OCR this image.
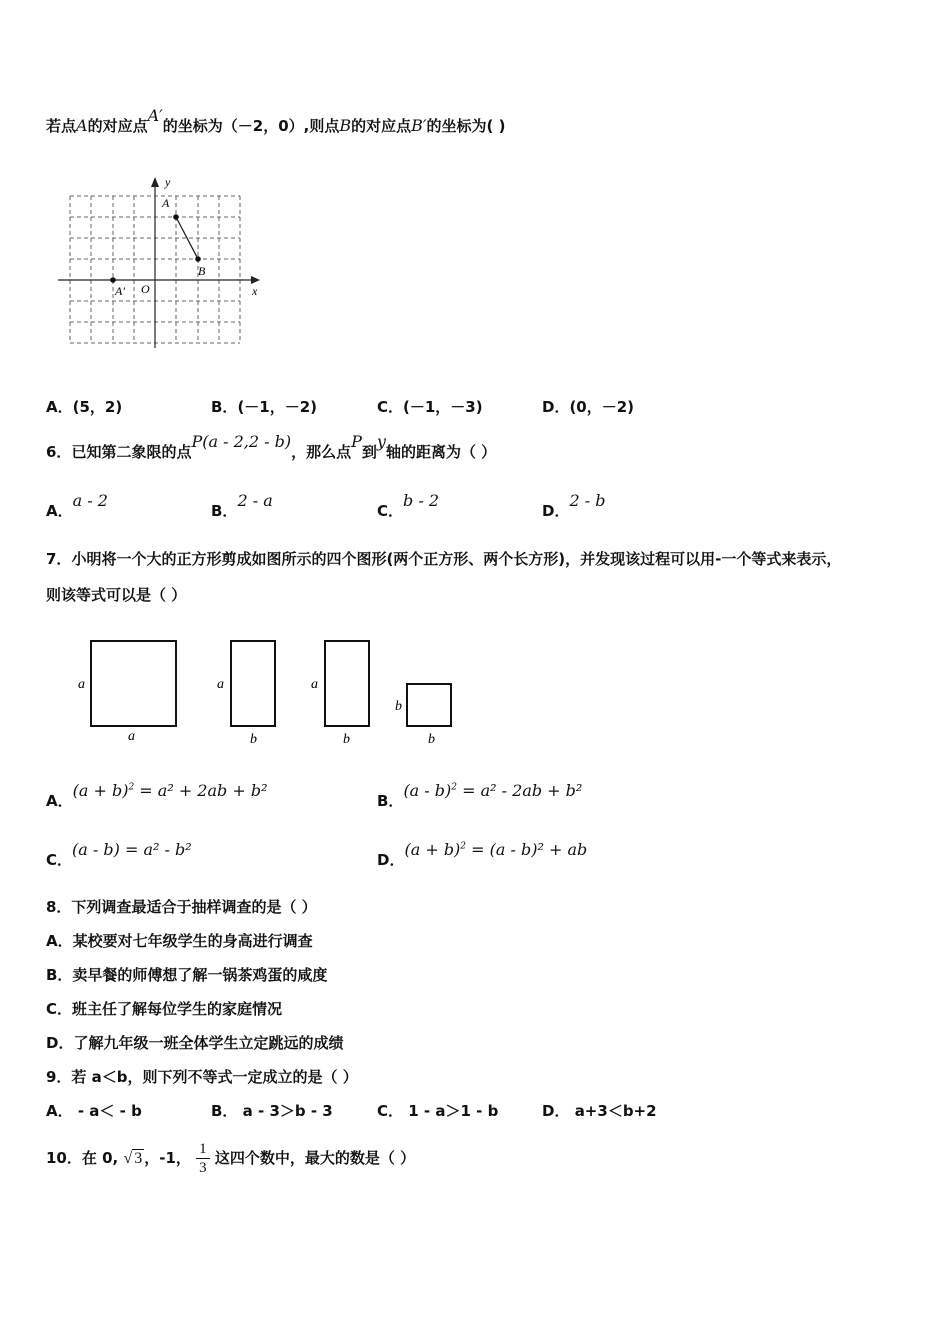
若点A的对应点A′的坐标为（－2，0）,则点B的对应点B′的坐标为( )
y
x
A
B
A′ O
A．(5，2)	B．(－1，－2)	C．(－1，－3)	D．(0，－2)
6．已知第二象限的点P(a - 2,2 - b)，那么点P到y轴的距离为（ ）
A．a - 2
B．2 - a
C．b - 2
D．2 - b
7．小明将一个大的正方形剪成如图所示的四个图形(两个正方形、两个长方形)，并发现该过程可以用-一个等式来表示，
则该等式可以是（ ）
a
a
a
b
a
b
b
b
A．$(a + b)^2 = a^2 + 2ab + b^2$
B．(a - b)$^2$ = a² - 2ab + b²
C．(a - b) = a² - b²
D．$(a + b)^2 = (a - b)^2$ + ab
8．下列调查最适合于抽样调查的是（ ）
A．某校要对七年级学生的身高进行调查
B．卖早餐的师傅想了解一锅茶鸡蛋的咸度
C．班主任了解每位学生的家庭情况
D．了解九年级一班全体学生立定跳远的成绩
9．若 a＜b，则下列不等式一定成立的是（ ）
A． - a＜ - b	B． a - 3＞b - 3	C． 1 - a＞1 - b	D． a+3＜b+2
10．在 0, √ 3 ，-1， $\frac{1}{3}$ 这四个数中，最大的数是（ ）
